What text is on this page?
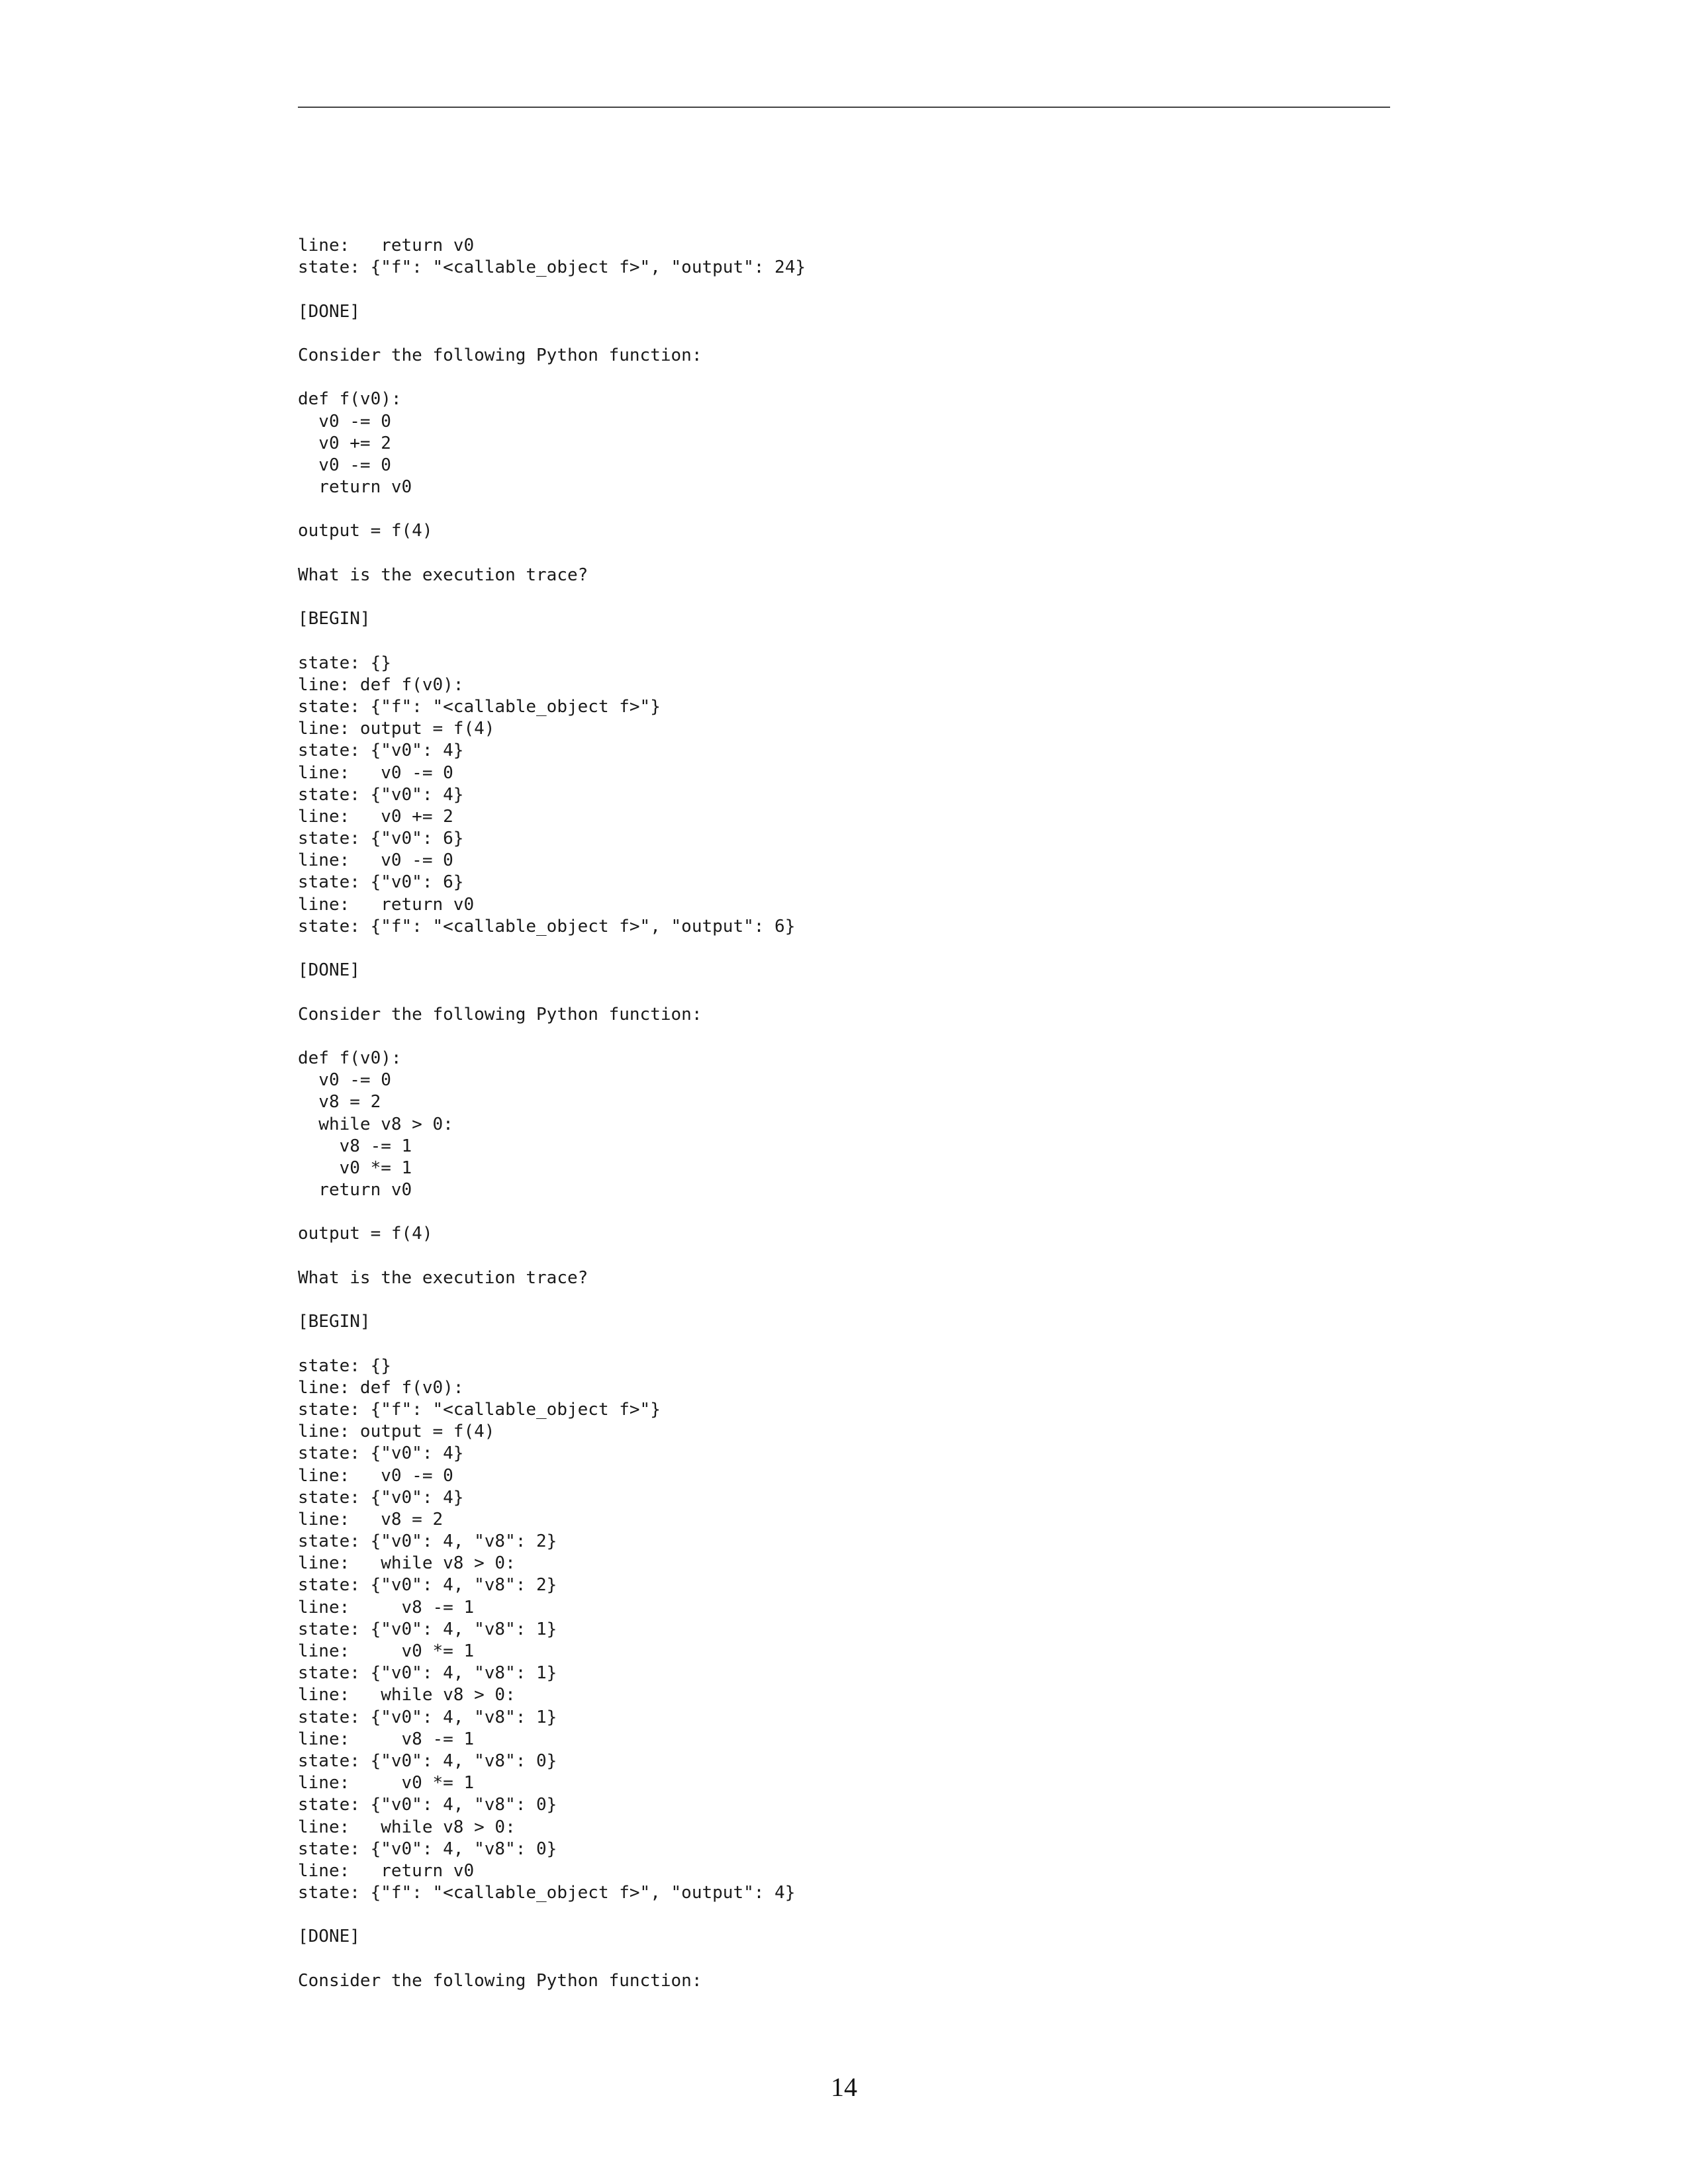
line:   return v0
state: {"f": "<callable_object f>", "output": 24}
[DONE]
Consider the following Python function:
def f(v0):
v0 -= 0
v0 += 2
v0 -= 0
return v0
output = f(4)
What is the execution trace?
[BEGIN]
state: {}
line: def f(v0):
state: {"f": "<callable_object f>"}
line: output = f(4)
state: {"v0": 4}
line:   v0 -= 0
state: {"v0": 4}
line:   v0 += 2
state: {"v0": 6}
line:   v0 -= 0
state: {"v0": 6}
line:   return v0
state: {"f": "<callable_object f>", "output": 6}
[DONE]
Consider the following Python function:
def f(v0):
v0 -= 0
v8 = 2
while v8 > 0:
v8 -= 1
v0 *= 1
return v0
output = f(4)
What is the execution trace?
[BEGIN]
state: {}
line: def f(v0):
state: {"f": "<callable_object f>"}
line: output = f(4)
state: {"v0": 4}
line:   v0 -= 0
state: {"v0": 4}
line:   v8 = 2
state: {"v0": 4, "v8": 2}
line:   while v8 > 0:
state: {"v0": 4, "v8": 2}
line:     v8 -= 1
state: {"v0": 4, "v8": 1}
line:     v0 *= 1
state: {"v0": 4, "v8": 1}
line:   while v8 > 0:
state: {"v0": 4, "v8": 1}
line:     v8 -= 1
state: {"v0": 4, "v8": 0}
line:     v0 *= 1
state: {"v0": 4, "v8": 0}
line:   while v8 > 0:
state: {"v0": 4, "v8": 0}
line:   return v0
state: {"f": "<callable_object f>", "output": 4}
[DONE]
Consider the following Python function:
14
